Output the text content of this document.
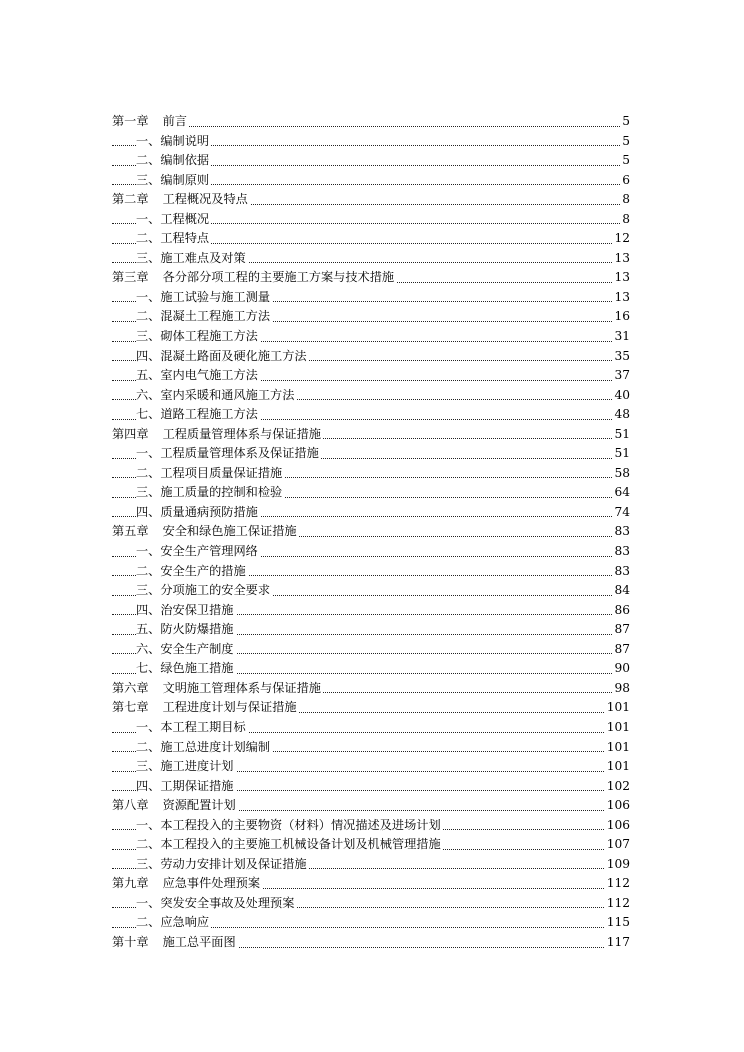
第一章 前言	5
一、编制说明	5
二、编制依据	5
三、编制原则	6
第二章 工程概况及特点	8
一、工程概况	8
二、工程特点	12
三、施工难点及对策	13
第三章 各分部分项工程的主要施工方案与技术措施	13
一、施工试验与施工测量	13
二、混凝土工程施工方法	16
三、砌体工程施工方法	31
四、混凝土路面及硬化施工方法	35
五、室内电气施工方法	37
六、室内采暖和通风施工方法	40
七、道路工程施工方法	48
第四章 工程质量管理体系与保证措施	51
一、工程质量管理体系及保证措施	51
二、工程项目质量保证措施	58
三、施工质量的控制和检验	64
四、质量通病预防措施	74
第五章 安全和绿色施工保证措施	83
一、安全生产管理网络	83
二、安全生产的措施	83
三、分项施工的安全要求	84
四、治安保卫措施	86
五、防火防爆措施	87
六、安全生产制度	87
七、绿色施工措施	90
第六章 文明施工管理体系与保证措施	98
第七章 工程进度计划与保证措施	101
一、本工程工期目标	101
二、施工总进度计划编制	101
三、施工进度计划	101
四、工期保证措施	102
第八章 资源配置计划	106
一、本工程投入的主要物资（材料）情况描述及进场计划	106
二、本工程投入的主要施工机械设备计划及机械管理措施	107
三、劳动力安排计划及保证措施	109
第九章 应急事件处理预案	112
一、突发安全事故及处理预案	112
二、应急响应	115
第十章 施工总平面图	117
